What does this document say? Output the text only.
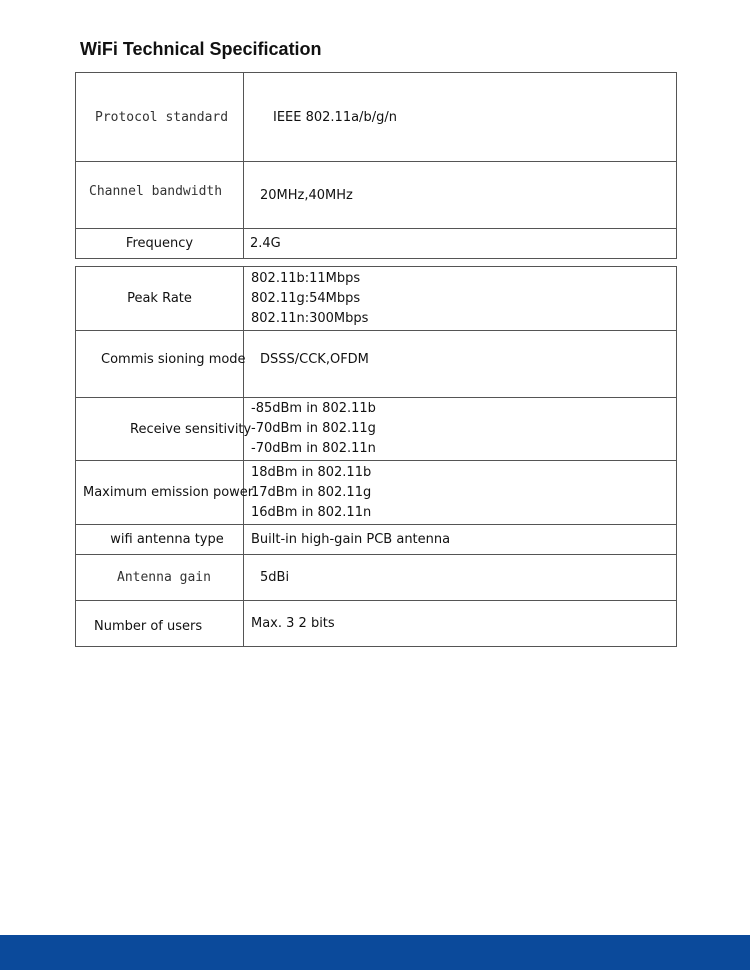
WiFi Technical Specification
Protocol standard	IEEE 802.11a/b/g/n

Channel bandwidth	20MHz,40MHz

Frequency	2.4G
Peak Rate	802.11b:11Mbps
802.11g:54Mbps
802.11n:300Mbps

Commis sioning mode	DSSS/CCK,OFDM

Receive sensitivity	-85dBm in 802.11b
-70dBm in 802.11g
-70dBm in 802.11n

Maximum emission power	18dBm in 802.11b
17dBm in 802.11g
16dBm in 802.11n

wifi antenna type	Built-in high-gain PCB antenna

Antenna gain	5dBi

Number of users	Max. 3 2 bits
